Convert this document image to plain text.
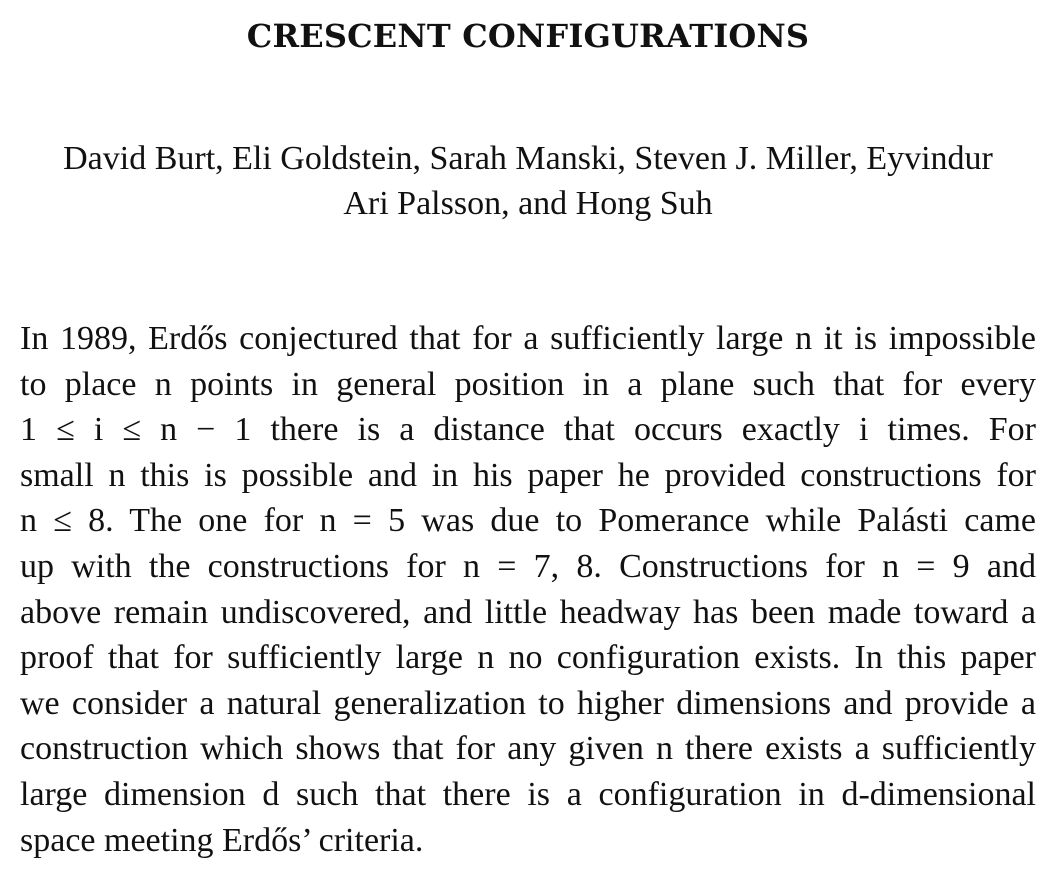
CRESCENT CONFIGURATIONS
David Burt, Eli Goldstein, Sarah Manski, Steven J. Miller, Eyvindur
Ari Palsson, and Hong Suh
In 1989, Erdős conjectured that for a sufficiently large n it is impossible
to place n points in general position in a plane such that for every
1 ≤ i ≤ n − 1 there is a distance that occurs exactly i times. For
small n this is possible and in his paper he provided constructions for
n ≤ 8. The one for n = 5 was due to Pomerance while Palásti came
up with the constructions for n = 7, 8. Constructions for n = 9 and
above remain undiscovered, and little headway has been made toward a
proof that for sufficiently large n no configuration exists. In this paper
we consider a natural generalization to higher dimensions and provide a
construction which shows that for any given n there exists a sufficiently
large dimension d such that there is a configuration in d-dimensional
space meeting Erdős’ criteria.
